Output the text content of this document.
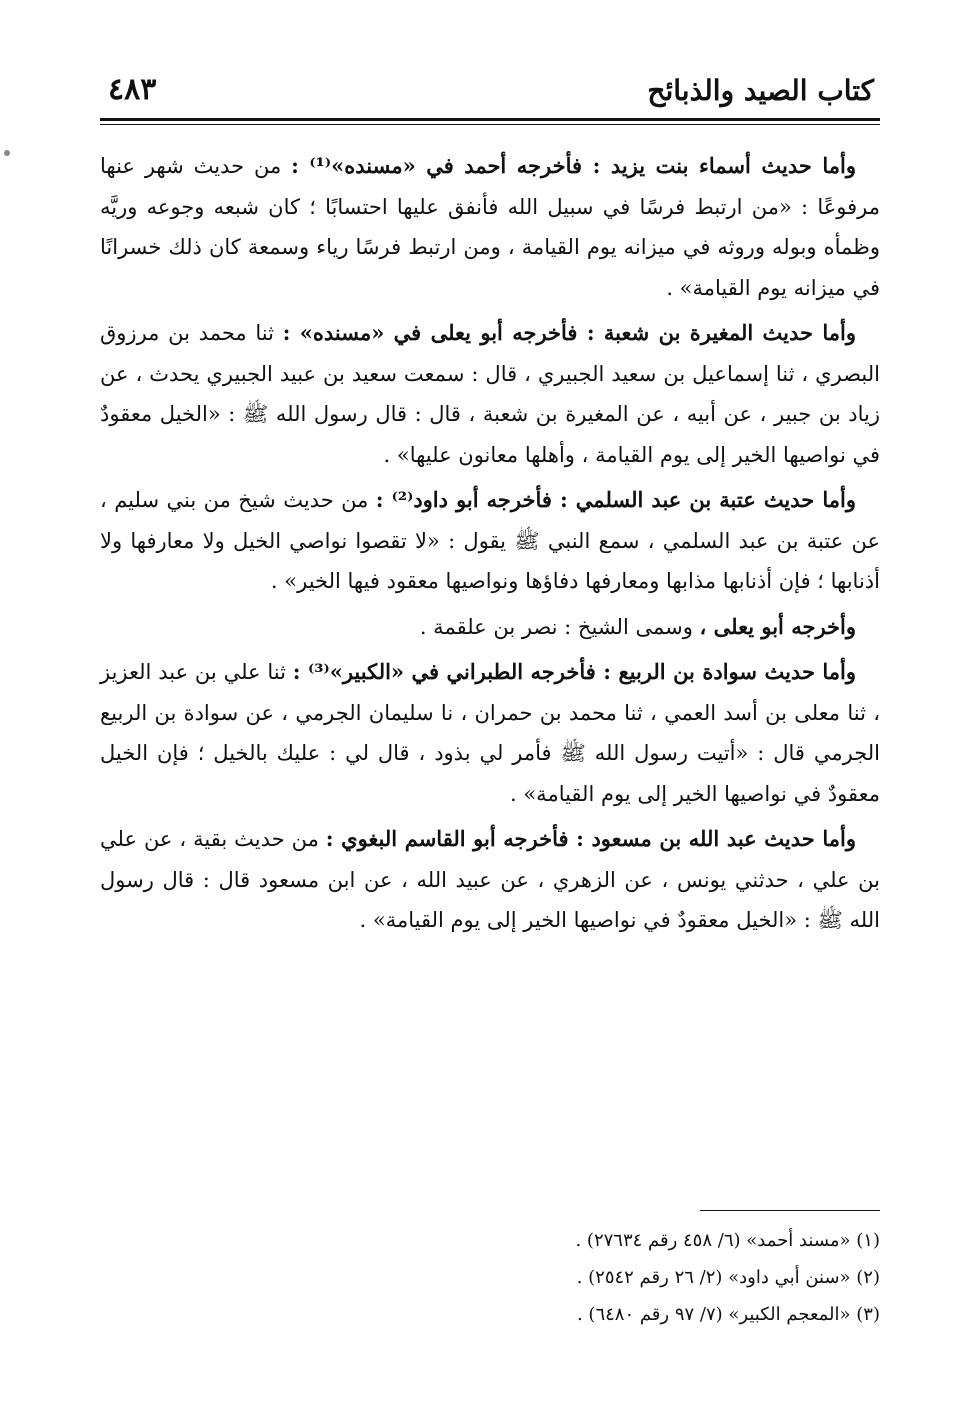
٤٨٣	كتاب الصيد والذبائح

وأما حديث أسماء بنت يزيد : فأخرجه أحمد في «مسنده»⁽¹⁾ : من حديث شهر عنها مرفوعًا : «من ارتبط فرسًا في سبيل الله فأنفق عليها احتسابًا ؛ كان شبعه وجوعه وريَّه وظمأه وبوله وروثه في ميزانه يوم القيامة ، ومن ارتبط فرسًا رياء وسمعة كان ذلك خسرانًا في ميزانه يوم القيامة» .

وأما حديث المغيرة بن شعبة : فأخرجه أبو يعلى في «مسنده» : ثنا محمد بن مرزوق البصري ، ثنا إسماعيل بن سعيد الجبيري ، قال : سمعت سعيد بن عبيد الجبيري يحدث ، عن زياد بن جبير ، عن أبيه ، عن المغيرة بن شعبة ، قال : قال رسول الله ﷺ : «الخيل معقودٌ في نواصيها الخير إلى يوم القيامة ، وأهلها معانون عليها» .

وأما حديث عتبة بن عبد السلمي : فأخرجه أبو داود⁽²⁾ : من حديث شيخ من بني سليم ، عن عتبة بن عبد السلمي ، سمع النبي ﷺ يقول : «لا تقصوا نواصي الخيل ولا معارفها ولا أذنابها ؛ فإن أذنابها مذابها ومعارفها دفاؤها ونواصيها معقود فيها الخير» .

وأخرجه أبو يعلى ، وسمى الشيخ : نصر بن علقمة .

وأما حديث سوادة بن الربيع : فأخرجه الطبراني في «الكبير»⁽³⁾ : ثنا علي بن عبد العزيز ، ثنا معلى بن أسد العمي ، ثنا محمد بن حمران ، نا سليمان الجرمي ، عن سوادة بن الربيع الجرمي قال : «أتيت رسول الله ﷺ فأمر لي بذود ، قال لي : عليك بالخيل ؛ فإن الخيل معقودٌ في نواصيها الخير إلى يوم القيامة» .

وأما حديث عبد الله بن مسعود : فأخرجه أبو القاسم البغوي : من حديث بقية ، عن علي بن علي ، حدثني يونس ، عن الزهري ، عن عبيد الله ، عن ابن مسعود قال : قال رسول الله ﷺ : «الخيل معقودٌ في نواصيها الخير إلى يوم القيامة» .

(١) «مسند أحمد» (٦/ ٤٥٨ رقم ٢٧٦٣٤) .

(٢) «سنن أبي داود» (٢/ ٢٦ رقم ٢٥٤٢) .

(٣) «المعجم الكبير» (٧/ ٩٧ رقم ٦٤٨٠) .
